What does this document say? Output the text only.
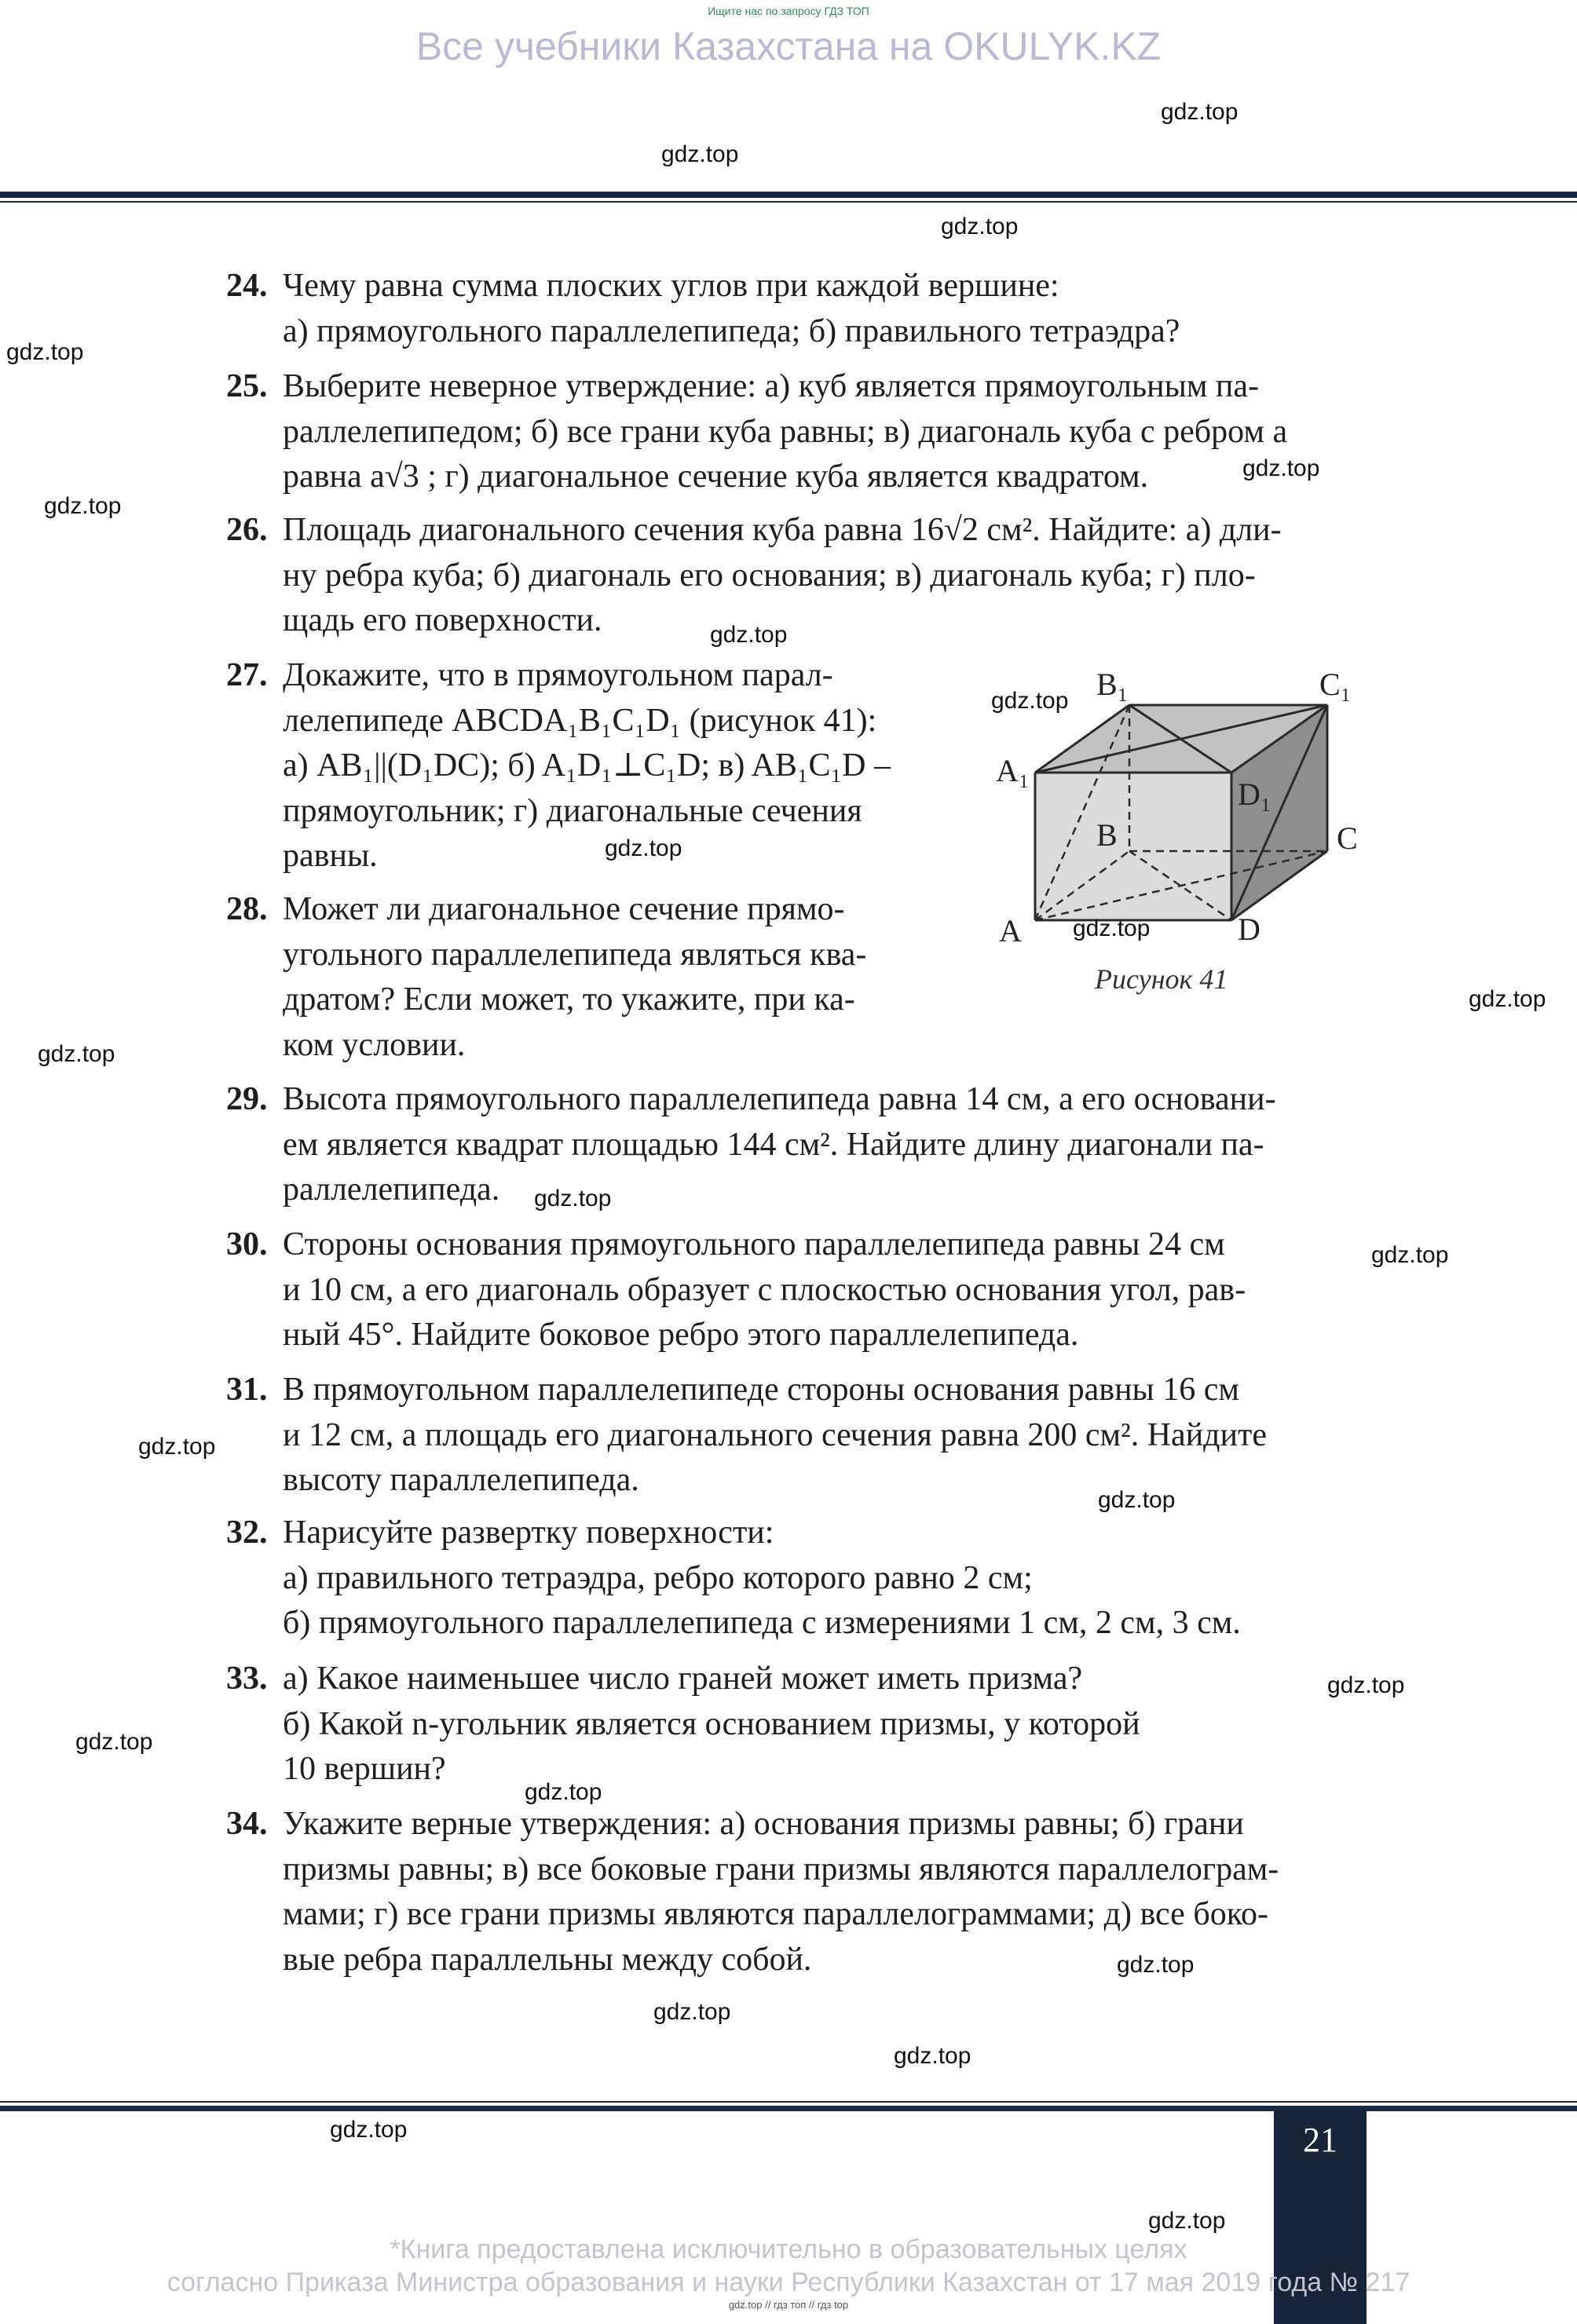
Ищите нас по запросу ГДЗ ТОП
Все учебники Казахстана на OKULYK.KZ
24. Чему равна сумма плоских углов при каждой вершине:
а) прямоугольного параллелепипеда; б) правильного тетраэдра?
25. Выберите неверное утверждение: а) куб является прямоугольным па-
раллелепипедом; б) все грани куба равны; в) диагональ куба с ребром a
равна a√3 ; г) диагональное сечение куба является квадратом.
26. Площадь диагонального сечения куба равна 16√2 см². Найдите: а) дли-
ну ребра куба; б) диагональ его основания; в) диагональ куба; г) пло-
щадь его поверхности.
27. Докажите, что в прямоугольном парал-
лелепипеде ABCDA₁B₁C₁D₁ (рисунок 41):
а) AB₁||(D₁DC); б) A₁D₁⊥C₁D; в) AB₁C₁D –
прямоугольник; г) диагональные сечения
равны.
28. Может ли диагональное сечение прямо-
угольного параллелепипеда являться ква-
дратом? Если может, то укажите, при ка-
ком условии.
29. Высота прямоугольного параллелепипеда равна 14 см, а его основани-
ем является квадрат площадью 144 см². Найдите длину диагонали па-
раллелепипеда.
30. Стороны основания прямоугольного параллелепипеда равны 24 см
и 10 см, а его диагональ образует с плоскостью основания угол, рав-
ный 45°. Найдите боковое ребро этого параллелепипеда.
31. В прямоугольном параллелепипеде стороны основания равны 16 см
и 12 см, а площадь его диагонального сечения равна 200 см². Найдите
высоту параллелепипеда.
32. Нарисуйте развертку поверхности:
а) правильного тетраэдра, ребро которого равно 2 см;
б) прямоугольного параллелепипеда с измерениями 1 см, 2 см, 3 см.
33. а) Какое наименьшее число граней может иметь призма?
б) Какой n-угольник является основанием призмы, у которой
10 вершин?
34. Укажите верные утверждения: а) основания призмы равны; б) грани
призмы равны; в) все боковые грани призмы являются параллелограм-
мами; г) все грани призмы являются параллелограммами; д) все боко-
вые ребра параллельны между собой.
A
B	C
D
A₁
B₁	C₁
D₁
Рисунок 41
gdz.top
gdz.top
gdz.top
gdz.top
gdz.top
gdz.top
gdz.top
gdz.top
gdz.top
gdz.top
gdz.top
gdz.top
gdz.top
gdz.top
gdz.top
gdz.top
gdz.top
gdz.top
gdz.top
gdz.top
gdz.top
gdz.top
21
gdz.top
gdz.top
*Книга предоставлена исключительно в образовательных целях
согласно Приказа Министра образования и науки Республики Казахстан от 17 мая 2019 года № 217
gdz.top // гдз топ // гдз top
